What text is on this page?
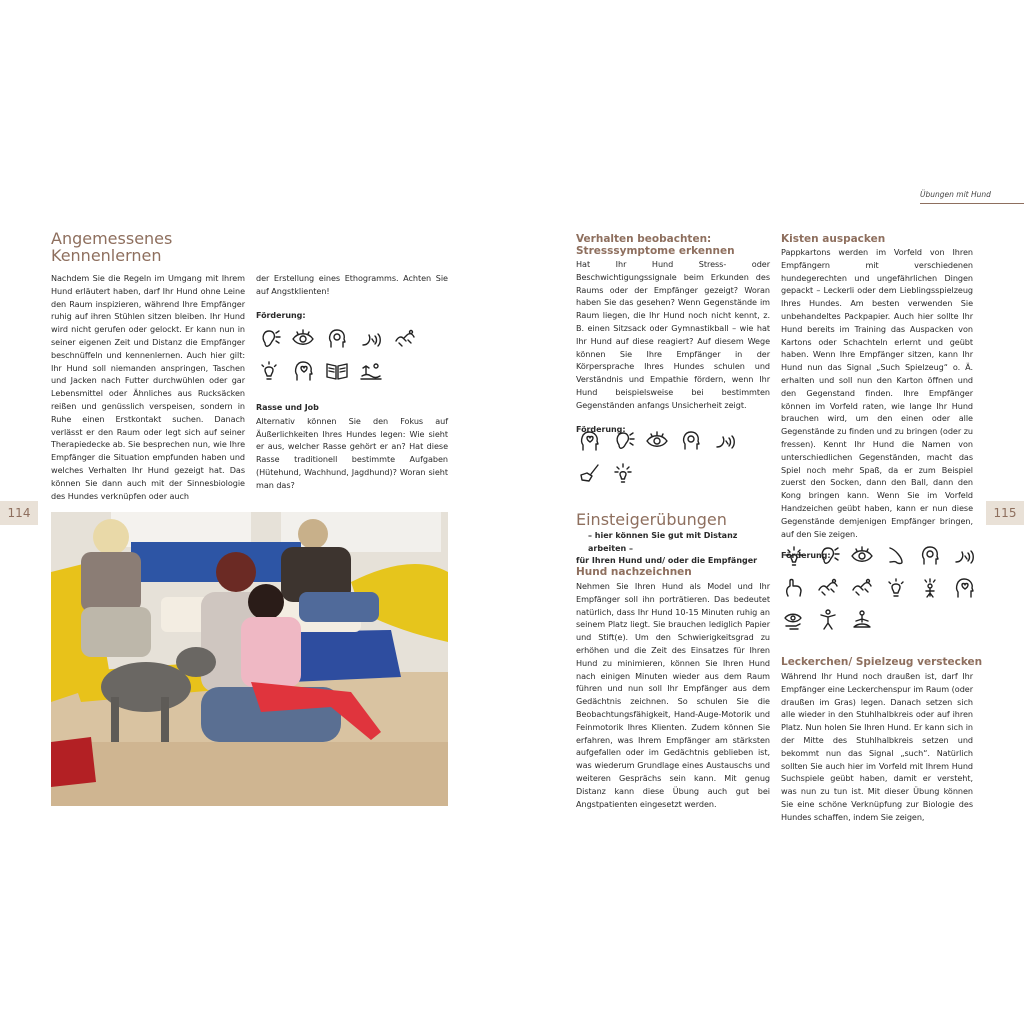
Übungen mit Hund
114	115
Angemessenes
Kennenlernen

Nachdem Sie die Regeln im Umgang mit Ihrem Hund erläutert haben, darf Ihr Hund ohne Leine den Raum inspizieren, während Ihre Empfänger ruhig auf ihren Stühlen sitzen bleiben. Ihr Hund wird nicht gerufen oder gelockt. Er kann nun in seiner eigenen Zeit und Distanz die Empfänger beschnüffeln und kennenlernen. Auch hier gilt: Ihr Hund soll niemanden anspringen, Taschen und Jacken nach Futter durchwühlen oder gar Lebensmittel oder Ähnliches aus Rucksäcken reißen und genüsslich verspeisen, sondern in Ruhe einen Erstkontakt suchen. Danach verlässt er den Raum oder legt sich auf seiner Therapiedecke ab. Sie besprechen nun, wie Ihre Empfänger die Situation empfunden haben und welches Verhalten Ihr Hund gezeigt hat. Das können Sie dann auch mit der Sinnesbiologie des Hundes verknüpfen oder auch

der Erstellung eines Ethogramms. Achten Sie auf Angstklienten!

Förderung:

Rasse und Job

Alternativ können Sie den Fokus auf Äußerlichkeiten Ihres Hundes legen: Wie sieht er aus, welcher Rasse gehört er an? Hat diese Rasse traditionell bestimmte Aufgaben (Hütehund, Wachhund, Jagdhund)? Woran sieht man das?

Verhalten beobachten:
Stresssymptome erkennen

Hat Ihr Hund Stress- oder Beschwichtigungssignale beim Erkunden des Raums oder der Empfänger gezeigt? Woran haben Sie das gesehen? Wenn Gegenstände im Raum liegen, die Ihr Hund noch nicht kennt, z. B. einen Sitzsack oder Gymnastikball – wie hat Ihr Hund auf diese reagiert? Auf diesem Wege können Sie Ihre Empfänger in der Körpersprache Ihres Hundes schulen und Verständnis und Empathie fördern, wenn Ihr Hund beispielsweise bei bestimmten Gegenständen anfangs Unsicherheit zeigt.

Förderung:

Einsteigerübungen

– hier können Sie gut mit Distanz arbeiten –

für Ihren Hund und/ oder die Empfänger

Hund nachzeichnen

Nehmen Sie Ihren Hund als Model und Ihr Empfänger soll ihn porträtieren. Das bedeutet natürlich, dass Ihr Hund 10-15 Minuten ruhig an seinem Platz liegt. Sie brauchen lediglich Papier und Stift(e). Um den Schwierigkeitsgrad zu erhöhen und die Zeit des Einsatzes für Ihren Hund zu minimieren, können Sie Ihren Hund nach einigen Minuten wieder aus dem Raum führen und nun soll Ihr Empfänger aus dem Gedächtnis zeichnen. So schulen Sie die Beobachtungsfähigkeit, Hand-Auge-Motorik und Feinmotorik Ihres Klienten. Zudem können Sie erfahren, was Ihrem Empfänger am stärksten aufgefallen oder im Gedächtnis geblieben ist, was wiederum Grundlage eines Austauschs und weiteren Gesprächs sein kann. Mit genug Distanz kann diese Übung auch gut bei Angstpatienten eingesetzt werden.

Kisten auspacken

Pappkartons werden im Vorfeld von Ihren Empfängern mit verschiedenen hundegerechten und ungefährlichen Dingen gepackt – Leckerli oder dem Lieblingsspielzeug Ihres Hundes. Am besten verwenden Sie unbehandeltes Packpapier. Auch hier sollte Ihr Hund bereits im Training das Auspacken von Kartons oder Schachteln erlernt und geübt haben. Wenn Ihre Empfänger sitzen, kann Ihr Hund nun das Signal „Such Spielzeug“ o. Ä. erhalten und soll nun den Karton öffnen und den Gegenstand finden. Ihre Empfänger können im Vorfeld raten, wie lange Ihr Hund brauchen wird, um den einen oder alle Gegenstände zu finden und zu bringen (oder zu fressen). Kennt Ihr Hund die Namen von unterschiedlichen Gegenständen, macht das Spiel noch mehr Spaß, da er zum Beispiel zuerst den Socken, dann den Ball, dann den Kong bringen kann. Wenn Sie im Vorfeld Handzeichen geübt haben, kann er nun diese Gegenstände demjenigen Empfänger bringen, auf den Sie zeigen.

Förderung:

Leckerchen/ Spielzeug verstecken

Während Ihr Hund noch draußen ist, darf Ihr Empfänger eine Leckerchenspur im Raum (oder draußen im Gras) legen. Danach setzen sich alle wieder in den Stuhlhalbkreis oder auf ihren Platz. Nun holen Sie Ihren Hund. Er kann sich in der Mitte des Stuhlhalbkreis setzen und bekommt nun das Signal „such“. Natürlich sollten Sie auch hier im Vorfeld mit Ihrem Hund Suchspiele geübt haben, damit er versteht, was nun zu tun ist. Mit dieser Übung können Sie eine schöne Verknüpfung zur Biologie des Hundes schaffen, indem Sie zeigen,
